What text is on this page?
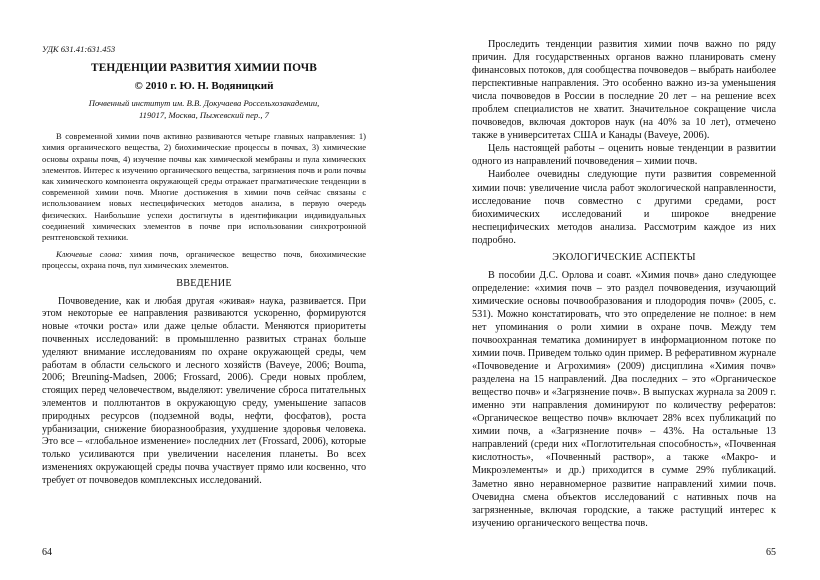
УДК 631.41:631.453
ТЕНДЕНЦИИ РАЗВИТИЯ ХИМИИ ПОЧВ
© 2010 г. Ю. Н. Водяницкий
Почвенный институт им. В.В. Докучаева Россельхозакадемии,
119017, Москва, Пыжевский пер., 7

В современной химии почв активно развиваются четыре главных направления: 1) химия органического вещества, 2) биохимические процессы в почвах, 3) химические основы охраны почв, 4) изучение почвы как химической мембраны и пула химических элементов. Интерес к изучению органического вещества, загрязнения почв и роли почвы как химического компонента окружающей среды отражает прагматические тенденции в современной химии почв. Многие достижения в химии почв сейчас связаны с использованием новых неспецифических методов анализа, в первую очередь физических. Наибольшие успехи достигнуты в идентификации индивидуальных соединений химических элементов в почве при использовании синхротронной рентгеновской техники.

Ключевые слова: химия почв, органическое вещество почв, биохимические процессы, охрана почв, пул химических элементов.

ВВЕДЕНИЕ

Почвоведение, как и любая другая «живая» наука, развивается. При этом некоторые ее направления развиваются ускоренно, формируются новые «точки роста» или даже целые области. Меняются приоритеты почвенных исследований: в промышленно развитых странах больше уделяют внимание исследованиям по охране окружающей среды, чем работам в области сельского и лесного хозяйств (Baveye, 2006; Bouma, 2006; Breuning-Madsen, 2006; Frossard, 2006). Среди новых проблем, стоящих перед человечеством, выделяют: увеличение сброса питательных элементов и поллютантов в окружающую среду, уменьшение запасов природных ресурсов (подземной воды, нефти, фосфатов), роста урбанизации, снижение биоразнообразия, ухудшение здоровья человека. Это все – «глобальное изменение» последних лет (Frossard, 2006), которые только усиливаются при увеличении населения планеты. Во всех изменениях окружающей среды почва участвует прямо или косвенно, что требует от почвоведов комплексных исследований.

64

Проследить тенденции развития химии почв важно по ряду причин. Для государственных органов важно планировать смену финансовых потоков, для сообщества почвоведов – выбрать наиболее перспективные направления. Это особенно важно из-за уменьшения числа почвоведов в России в последние 20 лет – на решение всех проблем специалистов не хватит. Значительное сокращение числа почвоведов, включая докторов наук (на 40% за 10 лет), отмечено также в университетах США и Канады (Baveye, 2006).

Цель настоящей работы – оценить новые тенденции в развитии одного из направлений почвоведения – химии почв.

Наиболее очевидны следующие пути развития современной химии почв: увеличение числа работ экологической направленности, исследование почв совместно с другими средами, рост биохимических исследований и широкое внедрение неспецифических методов анализа. Рассмотрим каждое из них подробно.

ЭКОЛОГИЧЕСКИЕ АСПЕКТЫ

В пособии Д.С. Орлова и соавт. «Химия почв» дано следующее определение: «химия почв – это раздел почвоведения, изучающий химические основы почвообразования и плодородия почв» (2005, с. 531). Можно констатировать, что это определение не полное: в нем нет упоминания о роли химии в охране почв. Между тем почвоохранная тематика доминирует в информационном потоке по химии почв. Приведем только один пример. В реферативном журнале «Почвоведение и Агрохимия» (2009) дисциплина «Химия почв» разделена на 15 направлений. Два последних – это «Органическое вещество почв» и «Загрязнение почв». В выпусках журнала за 2009 г. именно эти направления доминируют по количеству рефератов: «Органическое вещество почв» включает 28% всех публикаций по химии почв, а «Загрязнение почв» – 43%. На остальные 13 направлений (среди них «Поглотительная способность», «Почвенная кислотность», «Почвенный раствор», а также «Макро- и Микроэлементы» и др.) приходится в сумме 29% публикаций. Заметно явно неравномерное развитие направлений химии почв. Очевидна смена объектов исследований с нативных почв на загрязненные, включая городские, а также растущий интерес к изучению органического вещества почв.

65
